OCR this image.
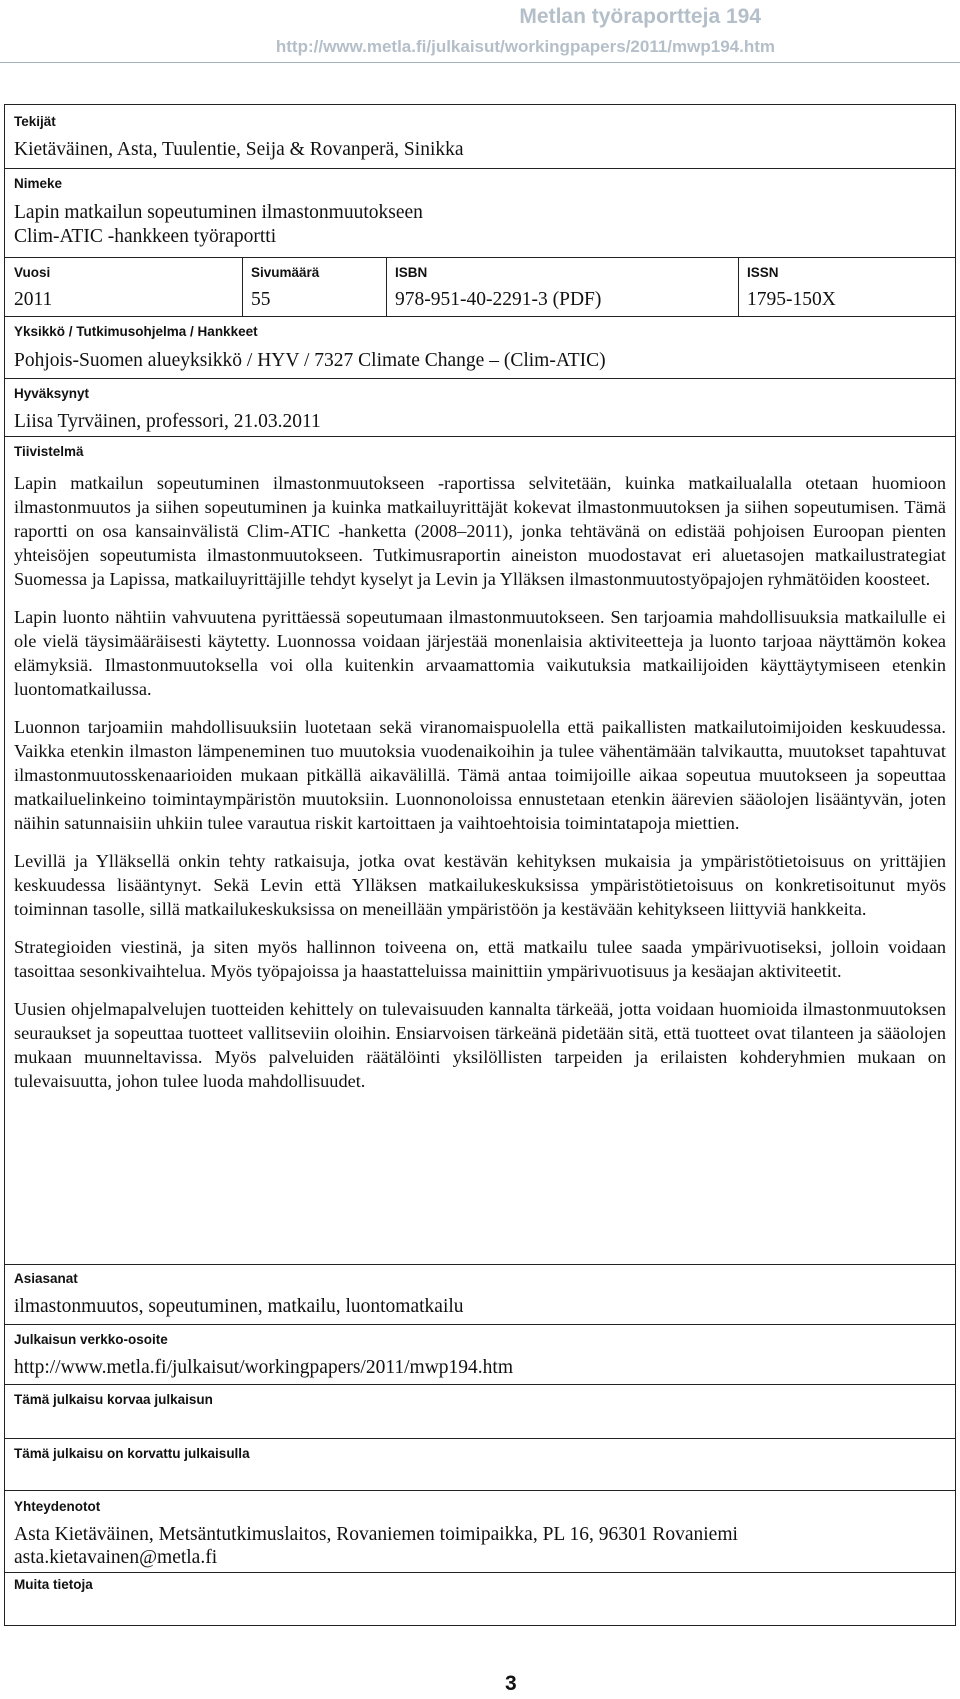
Metlan työraportteja 194
http://www.metla.fi/julkaisut/workingpapers/2011/mwp194.htm
Tekijät
Kietäväinen, Asta, Tuulentie, Seija & Rovanperä, Sinikka
Nimeke
Lapin matkailun sopeutuminen ilmastonmuutokseen
Clim-ATIC -hankkeen työraportti
Vuosi
2011
Sivumäärä
55
ISBN
978-951-40-2291-3 (PDF)
ISSN
1795-150X
Yksikkö / Tutkimusohjelma / Hankkeet
Pohjois-Suomen alueyksikkö / HYV / 7327 Climate Change – (Clim-ATIC)
Hyväksynyt
Liisa Tyrväinen, professori, 21.03.2011
Tiivistelmä

Lapin matkailun sopeutuminen ilmastonmuutokseen -raportissa selvitetään, kuinka matkailualalla otetaan huomioon ilmastonmuutos ja siihen sopeutuminen ja kuinka matkailuyrittäjät kokevat ilmastonmuutoksen ja siihen sopeutumisen. Tämä raportti on osa kansainvälistä Clim-ATIC -hanketta (2008–2011), jonka tehtävänä on edistää pohjoisen Euroopan pienten yhteisöjen sopeutumista ilmastonmuutokseen. Tutkimusraportin aineiston muodostavat eri aluetasojen matkailustrategiat Suomessa ja Lapissa, matkailuyrittäjille tehdyt kyselyt ja Levin ja Ylläksen ilmastonmuutostyöpajojen ryhmätöiden koosteet.

Lapin luonto nähtiin vahvuutena pyrittäessä sopeutumaan ilmastonmuutokseen. Sen tarjoamia mahdollisuuksia matkailulle ei ole vielä täysimääräisesti käytetty. Luonnossa voidaan järjestää monenlaisia aktiviteetteja ja luonto tarjoaa näyttämön kokea elämyksiä. Ilmastonmuutoksella voi olla kuitenkin arvaamattomia vaikutuksia matkailijoiden käyttäytymiseen etenkin luontomatkailussa.

Luonnon tarjoamiin mahdollisuuksiin luotetaan sekä viranomaispuolella että paikallisten matkailutoimijoiden keskuudessa. Vaikka etenkin ilmaston lämpeneminen tuo muutoksia vuodenaikoihin ja tulee vähentämään talvikautta, muutokset tapahtuvat ilmastonmuutosskenaarioiden mukaan pitkällä aikavälillä. Tämä antaa toimijoille aikaa sopeutua muutokseen ja sopeuttaa matkailuelinkeino toimintaympäristön muutoksiin. Luonnonoloissa ennustetaan etenkin äärevien sääolojen lisääntyvän, joten näihin satunnaisiin uhkiin tulee varautua riskit kartoittaen ja vaihtoehtoisia toimintatapoja miettien.

Levillä ja Ylläksellä onkin tehty ratkaisuja, jotka ovat kestävän kehityksen mukaisia ja ympäristötietoisuus on yrittäjien keskuudessa lisääntynyt. Sekä Levin että Ylläksen matkailukeskuksissa ympäristötietoisuus on konkretisoitunut myös toiminnan tasolle, sillä matkailukeskuksissa on meneillään ympäristöön ja kestävään kehitykseen liittyviä hankkeita.

Strategioiden viestinä, ja siten myös hallinnon toiveena on, että matkailu tulee saada ympärivuotiseksi, jolloin voidaan tasoittaa sesonkivaihtelua. Myös työpajoissa ja haastatteluissa mainittiin ympärivuotisuus ja kesäajan aktiviteetit.

Uusien ohjelmapalvelujen tuotteiden kehittely on tulevaisuuden kannalta tärkeää, jotta voidaan huomioida ilmastonmuutoksen seuraukset ja sopeuttaa tuotteet vallitseviin oloihin. Ensiarvoisen tärkeänä pidetään sitä, että tuotteet ovat tilanteen ja sääolojen mukaan muunneltavissa. Myös palveluiden räätälöinti yksilöllisten tarpeiden ja erilaisten kohderyhmien mukaan on tulevaisuutta, johon tulee luoda mahdollisuudet.

Asiasanat
ilmastonmuutos, sopeutuminen, matkailu, luontomatkailu
Julkaisun verkko-osoite
http://www.metla.fi/julkaisut/workingpapers/2011/mwp194.htm
Tämä julkaisu korvaa julkaisun
Tämä julkaisu on korvattu julkaisulla
Yhteydenotot
Asta Kietäväinen, Metsäntutkimuslaitos, Rovaniemen toimipaikka, PL 16, 96301 Rovaniemi
asta.kietavainen@metla.fi
Muita tietoja
3
